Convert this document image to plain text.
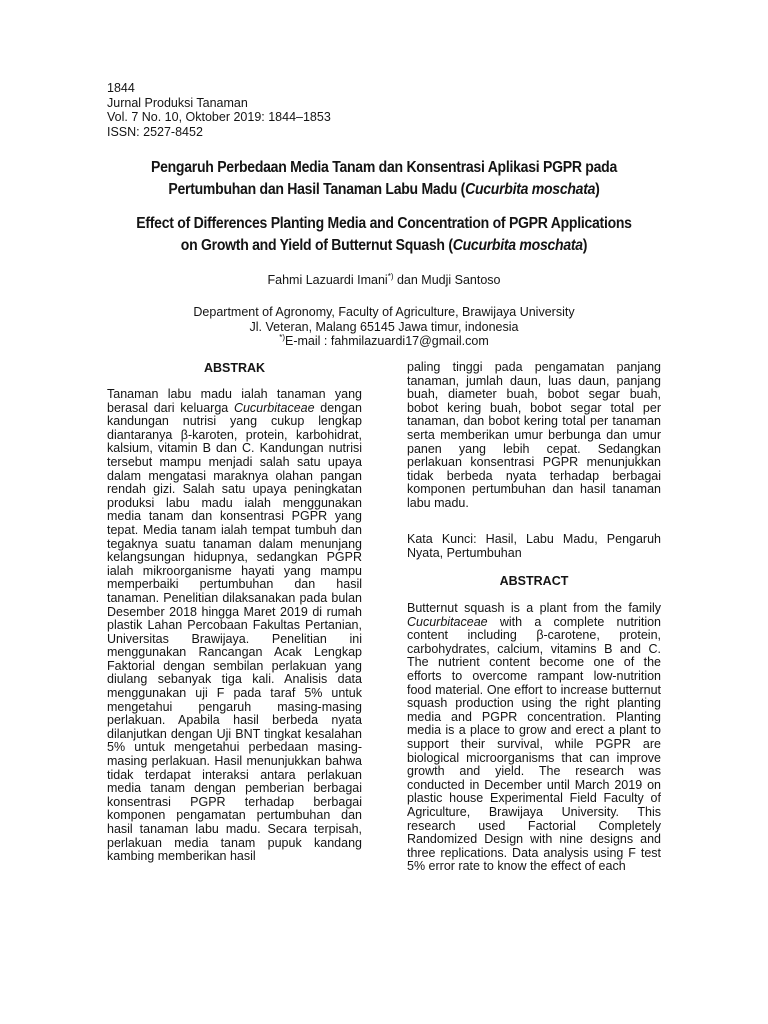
1844
Jurnal Produksi Tanaman
Vol. 7 No. 10, Oktober 2019: 1844–1853
ISSN: 2527-8452
Pengaruh Perbedaan Media Tanam dan Konsentrasi Aplikasi PGPR pada
Pertumbuhan dan Hasil Tanaman Labu Madu (Cucurbita moschata)
Effect of Differences Planting Media and Concentration of PGPR Applications
on Growth and Yield of Butternut Squash (Cucurbita moschata)
Fahmi Lazuardi Imani*) dan Mudji Santoso
Department of Agronomy, Faculty of Agriculture, Brawijaya University
Jl. Veteran, Malang 65145 Jawa timur, indonesia
*)E-mail : fahmilazuardi17@gmail.com
ABSTRAK

Tanaman labu madu ialah tanaman yang berasal dari keluarga Cucurbitaceae dengan kandungan nutrisi yang cukup lengkap diantaranya β-karoten, protein, karbohidrat, kalsium, vitamin B dan C. Kandungan nutrisi tersebut mampu menjadi salah satu upaya dalam mengatasi maraknya olahan pangan rendah gizi. Salah satu upaya peningkatan produksi labu madu ialah menggunakan media tanam dan konsentrasi PGPR yang tepat. Media tanam ialah tempat tumbuh dan tegaknya suatu tanaman dalam menunjang kelangsungan hidupnya, sedangkan PGPR ialah mikroorganisme hayati yang mampu memperbaiki pertumbuhan dan hasil tanaman. Penelitian dilaksanakan pada bulan Desember 2018 hingga Maret 2019 di rumah plastik Lahan Percobaan Fakultas Pertanian, Universitas Brawijaya. Penelitian ini menggunakan Rancangan Acak Lengkap Faktorial dengan sembilan perlakuan yang diulang sebanyak tiga kali. Analisis data menggunakan uji F pada taraf 5% untuk mengetahui pengaruh masing-masing perlakuan. Apabila hasil berbeda nyata dilanjutkan dengan Uji BNT tingkat kesalahan 5% untuk mengetahui perbedaan masing-masing perlakuan. Hasil menunjukkan bahwa tidak terdapat interaksi antara perlakuan media tanam dengan pemberian berbagai konsentrasi PGPR terhadap berbagai komponen pengamatan pertumbuhan dan hasil tanaman labu madu. Secara terpisah, perlakuan media tanam pupuk kandang kambing memberikan hasil

paling tinggi pada pengamatan panjang tanaman, jumlah daun, luas daun, panjang buah, diameter buah, bobot segar buah, bobot kering buah, bobot segar total per tanaman, dan bobot kering total per tanaman serta memberikan umur berbunga dan umur panen yang lebih cepat. Sedangkan perlakuan konsentrasi PGPR menunjukkan tidak berbeda nyata terhadap berbagai komponen pertumbuhan dan hasil tanaman labu madu.

Kata Kunci: Hasil, Labu Madu, Pengaruh Nyata, Pertumbuhan

ABSTRACT

Butternut squash is a plant from the family Cucurbitaceae with a complete nutrition content including β-carotene, protein, carbohydrates, calcium, vitamins B and C. The nutrient content become one of the efforts to overcome rampant low-nutrition food material. One effort to increase butternut squash production using the right planting media and PGPR concentration. Planting media is a place to grow and erect a plant to support their survival, while PGPR are biological microorganisms that can improve growth and yield. The research was conducted in December until March 2019 on plastic house Experimental Field Faculty of Agriculture, Brawijaya University. This research used Factorial Completely Randomized Design with nine designs and three replications. Data analysis using F test 5% error rate to know the effect of each
